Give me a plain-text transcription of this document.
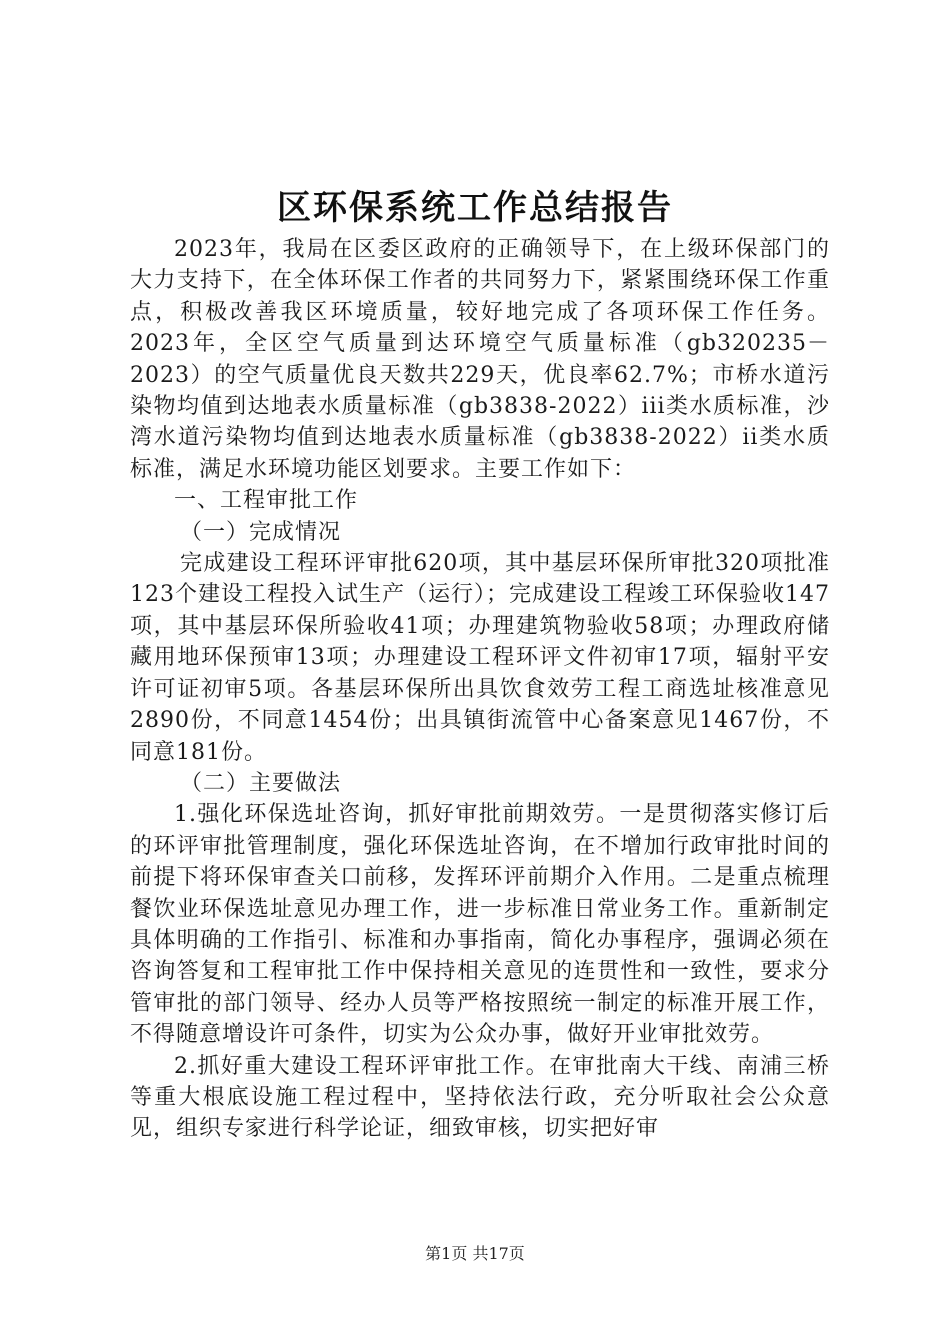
区环保系统工作总结报告

2023年，我局在区委区政府的正确领导下，在上级环保部门的大力支持下，在全体环保工作者的共同努力下，紧紧围绕环保工作重点，积极改善我区环境质量，较好地完成了各项环保工作任务。2023年，全区空气质量到达环境空气质量标准（gb320235－2023）的空气质量优良天数共229天，优良率62.7%；市桥水道污染物均值到达地表水质量标准（gb3838-2022）iii类水质标准，沙湾水道污染物均值到达地表水质量标准（gb3838-2022）ii类水质标准，满足水环境功能区划要求。主要工作如下：

一、工程审批工作

（一）完成情况

完成建设工程环评审批620项，其中基层环保所审批320项批准123个建设工程投入试生产（运行）；完成建设工程竣工环保验收147项，其中基层环保所验收41项；办理建筑物验收58项；办理政府储藏用地环保预审13项；办理建设工程环评文件初审17项，辐射平安许可证初审5项。各基层环保所出具饮食效劳工程工商选址核准意见2890份，不同意1454份；出具镇街流管中心备案意见1467份，不同意181份。

（二）主要做法

1.强化环保选址咨询，抓好审批前期效劳。一是贯彻落实修订后的环评审批管理制度，强化环保选址咨询，在不增加行政审批时间的前提下将环保审查关口前移，发挥环评前期介入作用。二是重点梳理餐饮业环保选址意见办理工作，进一步标准日常业务工作。重新制定具体明确的工作指引、标准和办事指南，简化办事程序，强调必须在咨询答复和工程审批工作中保持相关意见的连贯性和一致性，要求分管审批的部门领导、经办人员等严格按照统一制定的标准开展工作，不得随意增设许可条件，切实为公众办事，做好开业审批效劳。

2.抓好重大建设工程环评审批工作。在审批南大干线、南浦三桥等重大根底设施工程过程中，坚持依法行政，充分听取社会公众意见，组织专家进行科学论证，细致审核，切实把好审

第1页 共17页
